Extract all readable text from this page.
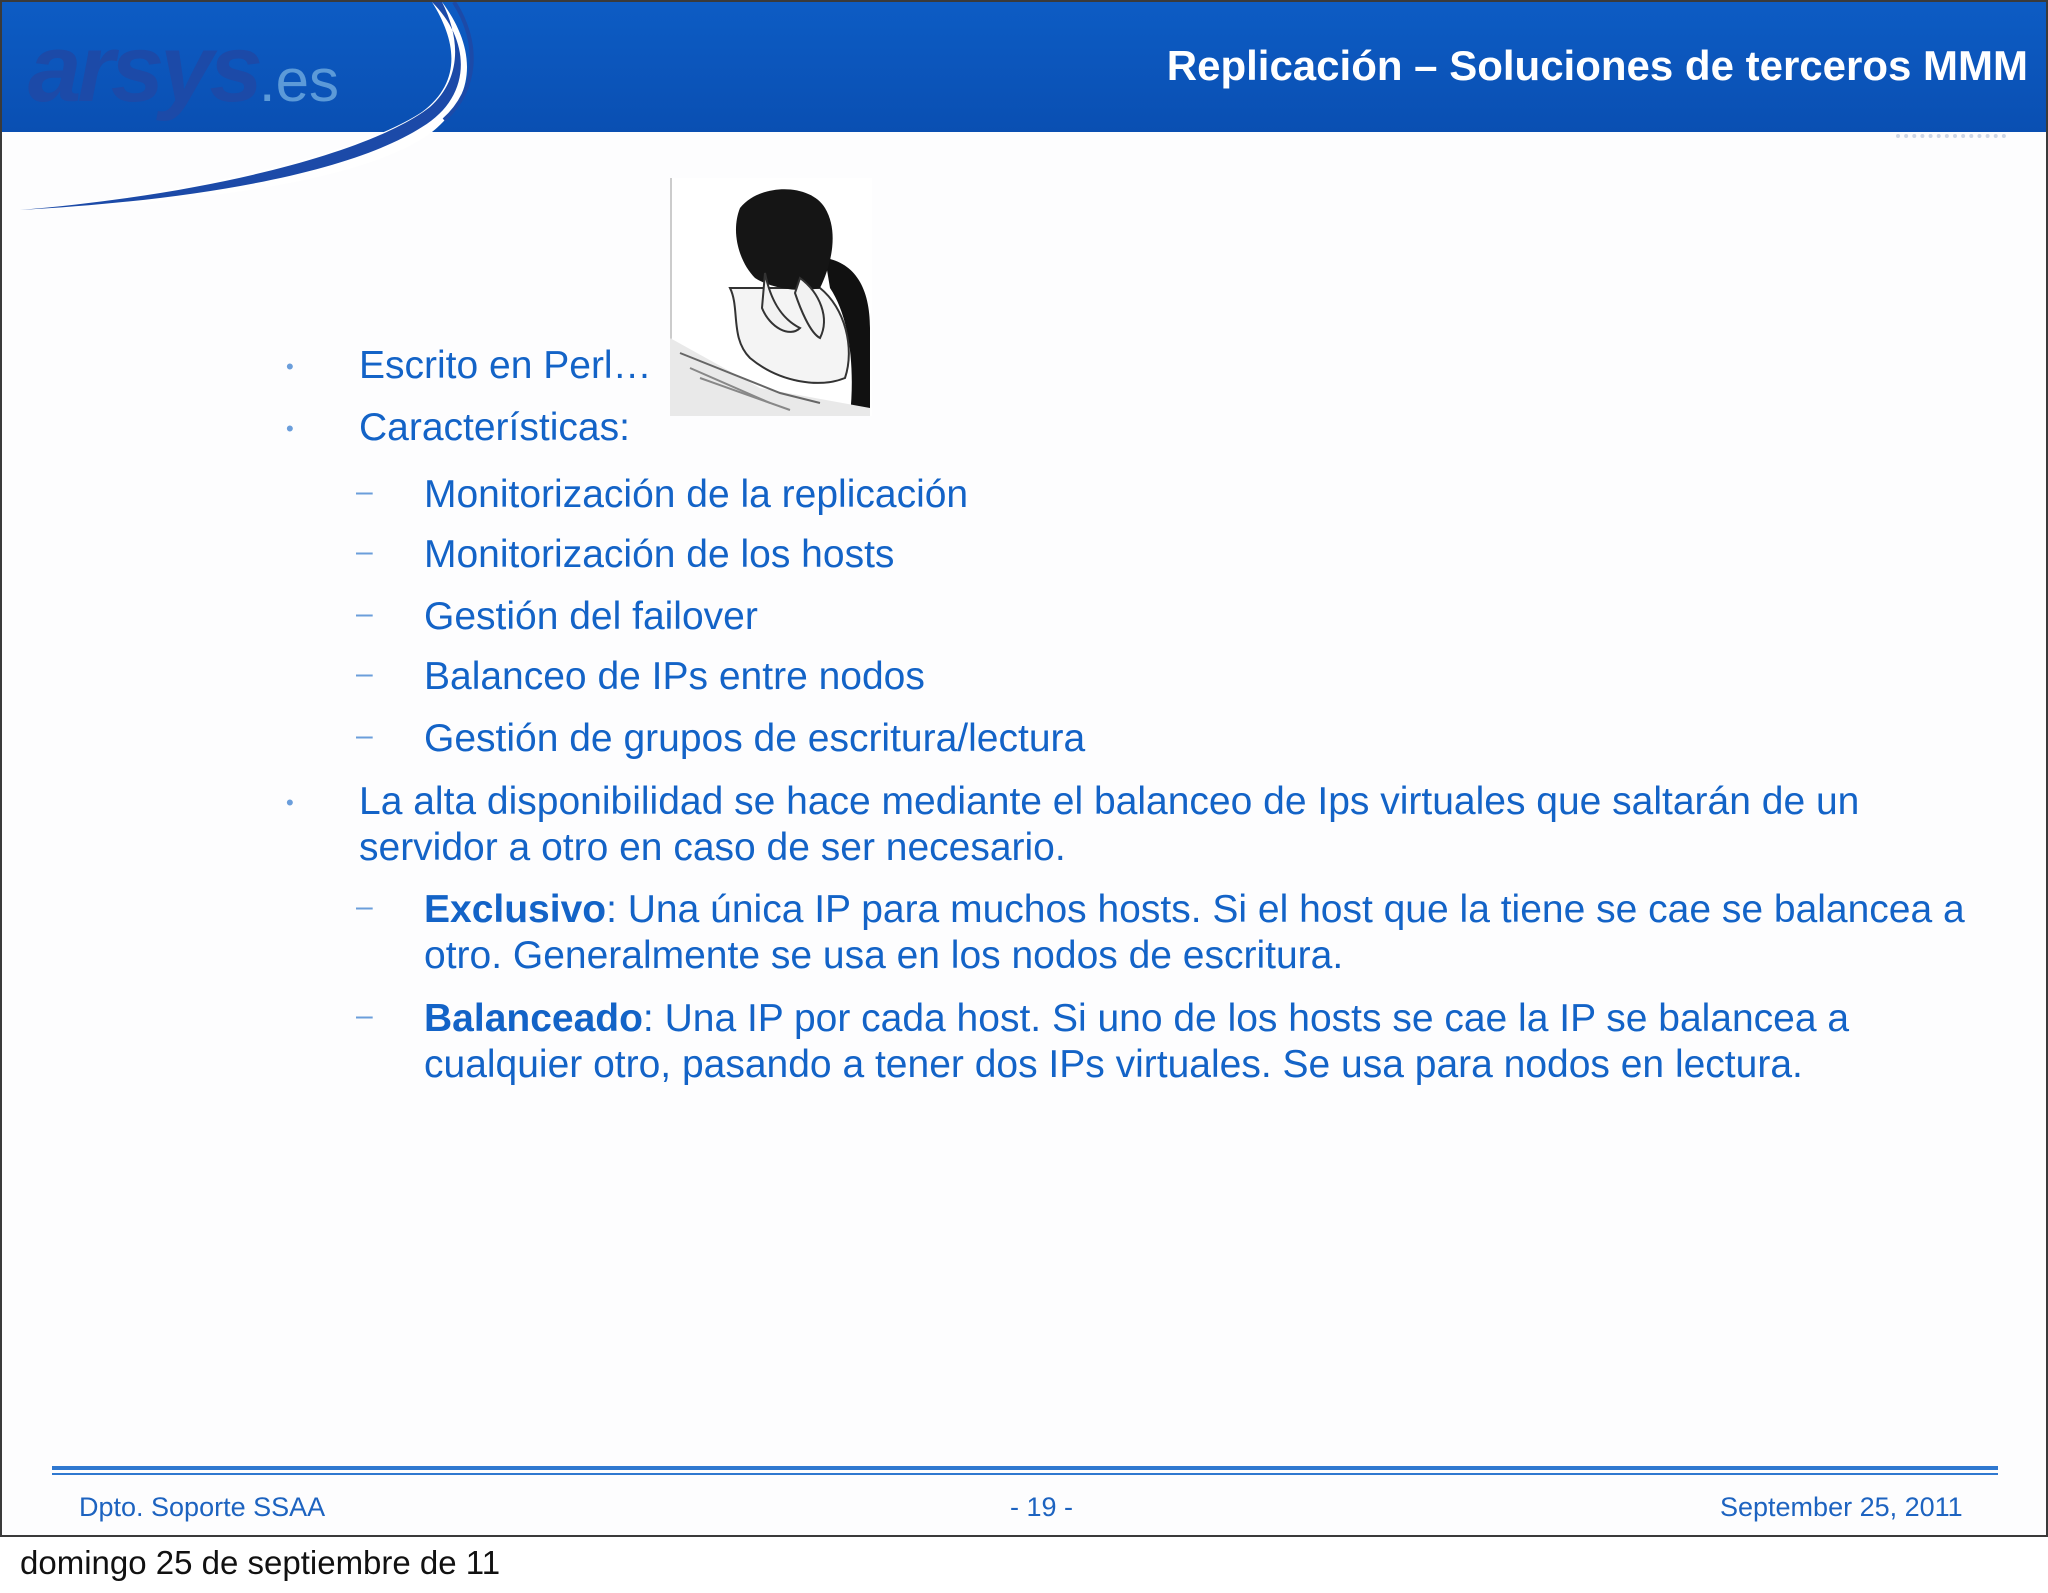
arsys.es	Replicación – Soluciones de terceros MMM
• Escrito en Perl…
• Características:
– Monitorización de la replicación
– Monitorización de los hosts
– Gestión del failover
– Balanceo de IPs entre nodos
– Gestión de grupos de escritura/lectura
• La alta disponibilidad se hace mediante el balanceo de Ips virtuales que saltarán de un
servidor a otro en caso de ser necesario.
– Exclusivo: Una única IP para muchos hosts. Si el host que la tiene se cae se balancea a
otro. Generalmente se usa en los nodos de escritura.
– Balanceado: Una IP por cada host. Si uno de los hosts se cae la IP se balancea a
cualquier otro, pasando a tener dos IPs virtuales. Se usa para nodos en lectura.
Dpto. Soporte SSAA	- 19 -	September 25, 2011
domingo 25 de septiembre de 11
